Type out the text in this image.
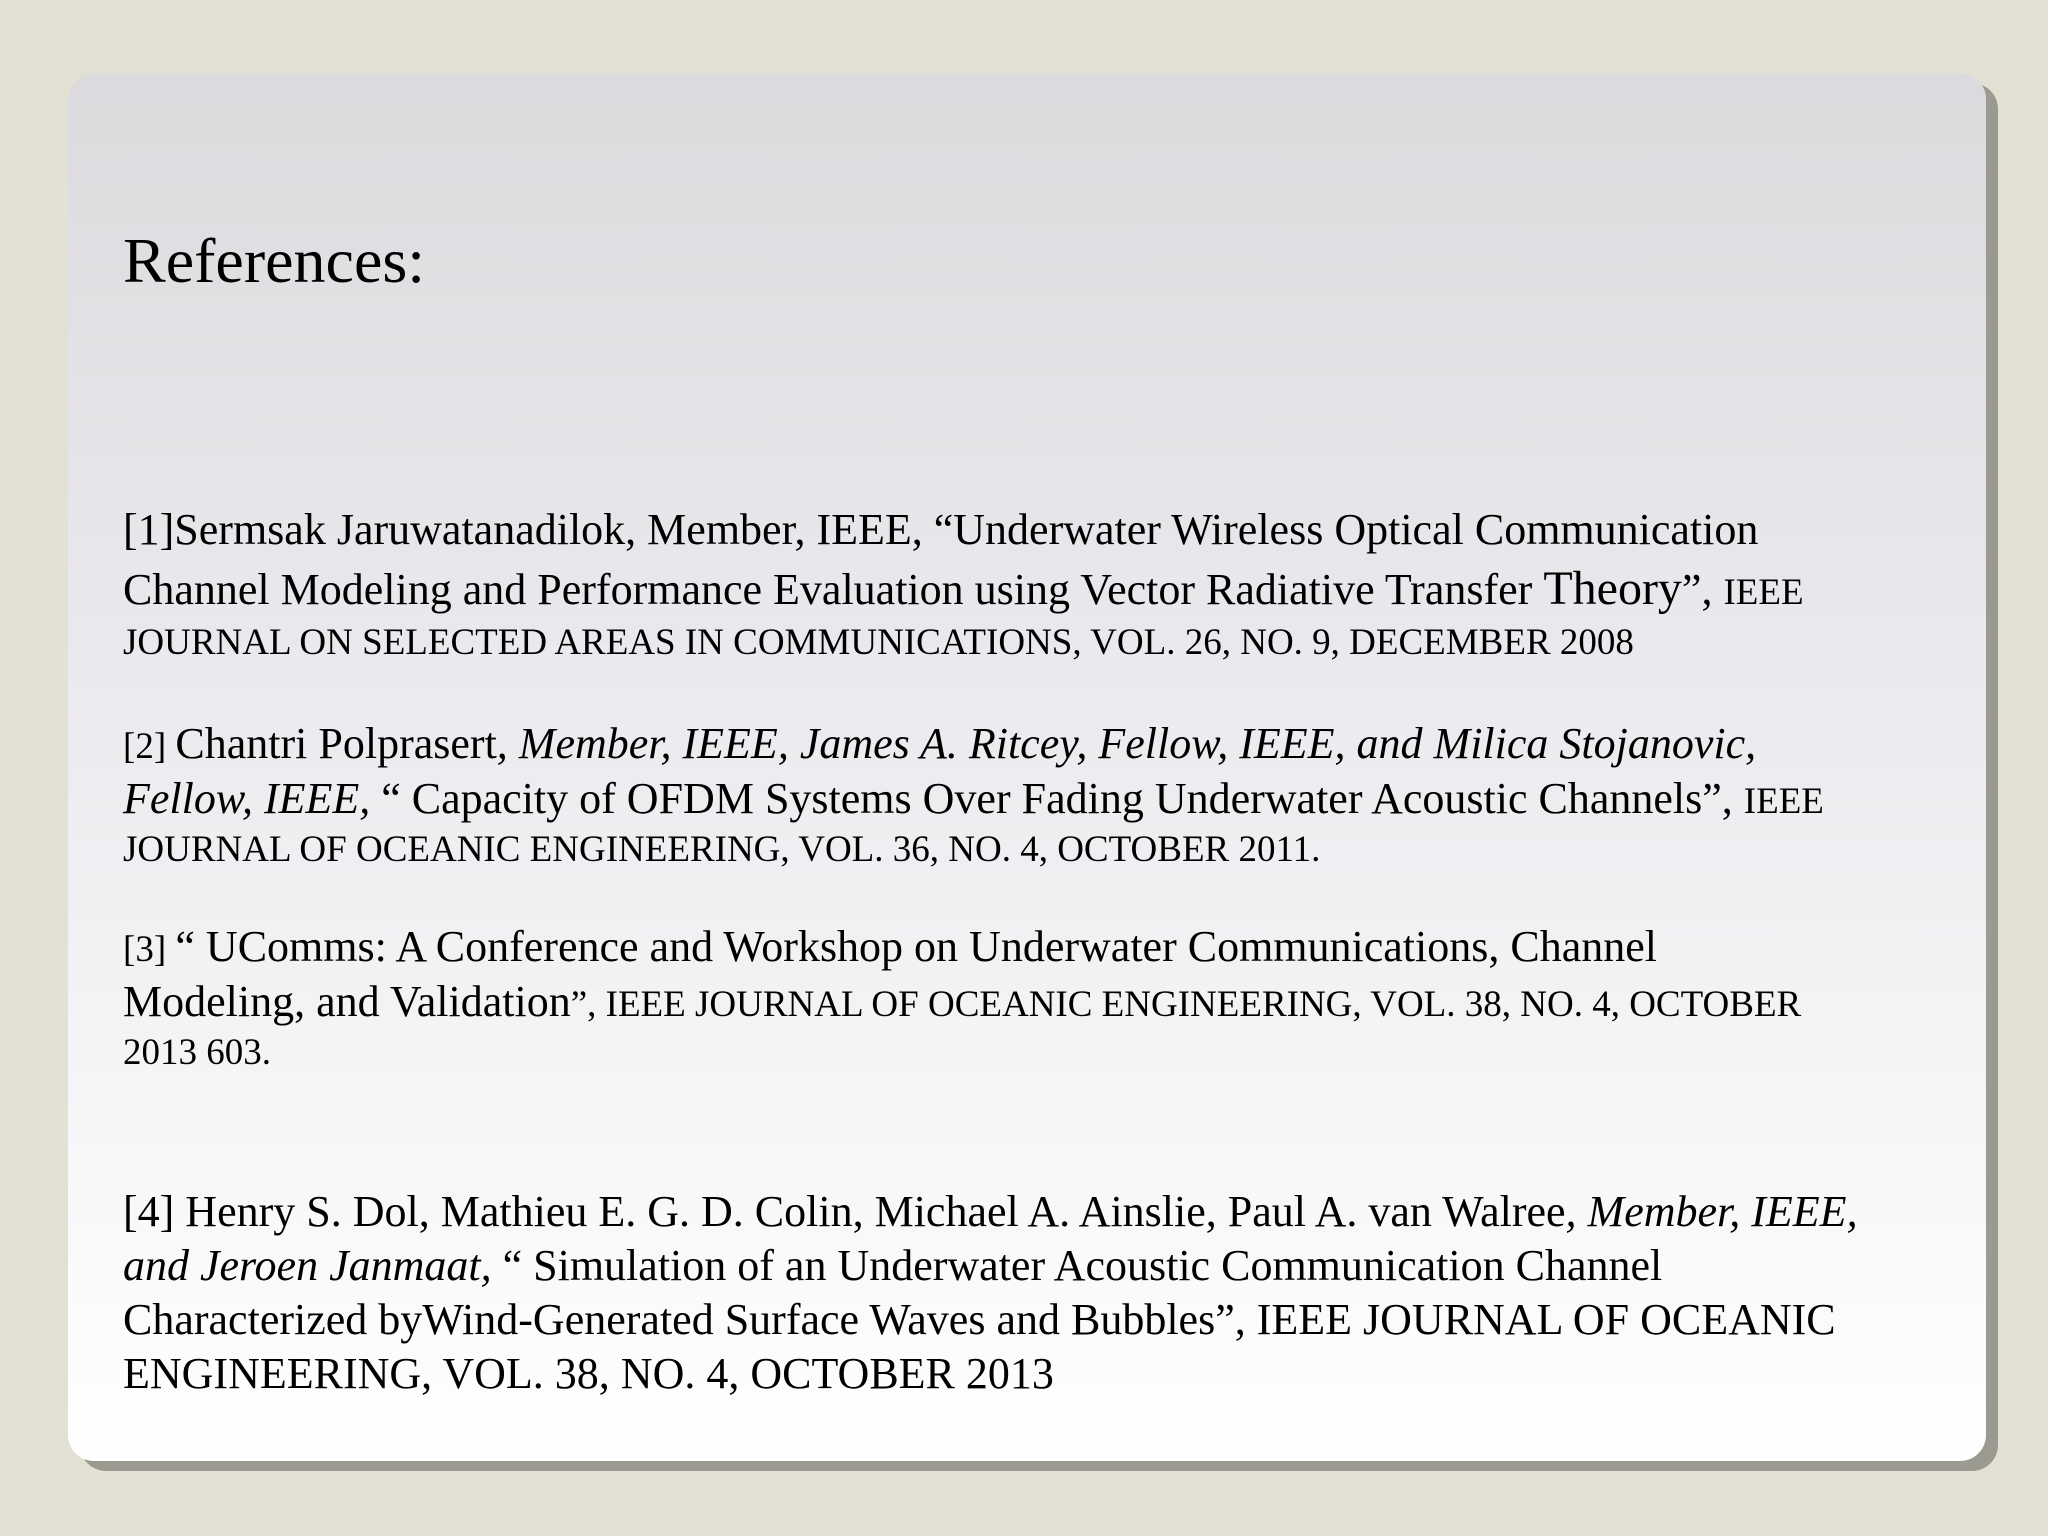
References:

[1]Sermsak Jaruwatanadilok, Member, IEEE, “Underwater Wireless Optical Communication
Channel Modeling and Performance Evaluation using Vector Radiative Transfer Theory”, IEEE
JOURNAL ON SELECTED AREAS IN COMMUNICATIONS, VOL. 26, NO. 9, DECEMBER 2008

[2] Chantri Polprasert, Member, IEEE, James A. Ritcey, Fellow, IEEE, and Milica Stojanovic,
Fellow, IEEE, “ Capacity of OFDM Systems Over Fading Underwater Acoustic Channels”, IEEE
JOURNAL OF OCEANIC ENGINEERING, VOL. 36, NO. 4, OCTOBER 2011.

[3] “ UComms: A Conference and Workshop on Underwater Communications, Channel
Modeling, and Validation”, IEEE JOURNAL OF OCEANIC ENGINEERING, VOL. 38, NO. 4, OCTOBER
2013 603.

[4] Henry S. Dol, Mathieu E. G. D. Colin, Michael A. Ainslie, Paul A. van Walree, Member, IEEE,
and Jeroen Janmaat, “ Simulation of an Underwater Acoustic Communication Channel
Characterized byWind-Generated Surface Waves and Bubbles”, IEEE JOURNAL OF OCEANIC
ENGINEERING, VOL. 38, NO. 4, OCTOBER 2013
